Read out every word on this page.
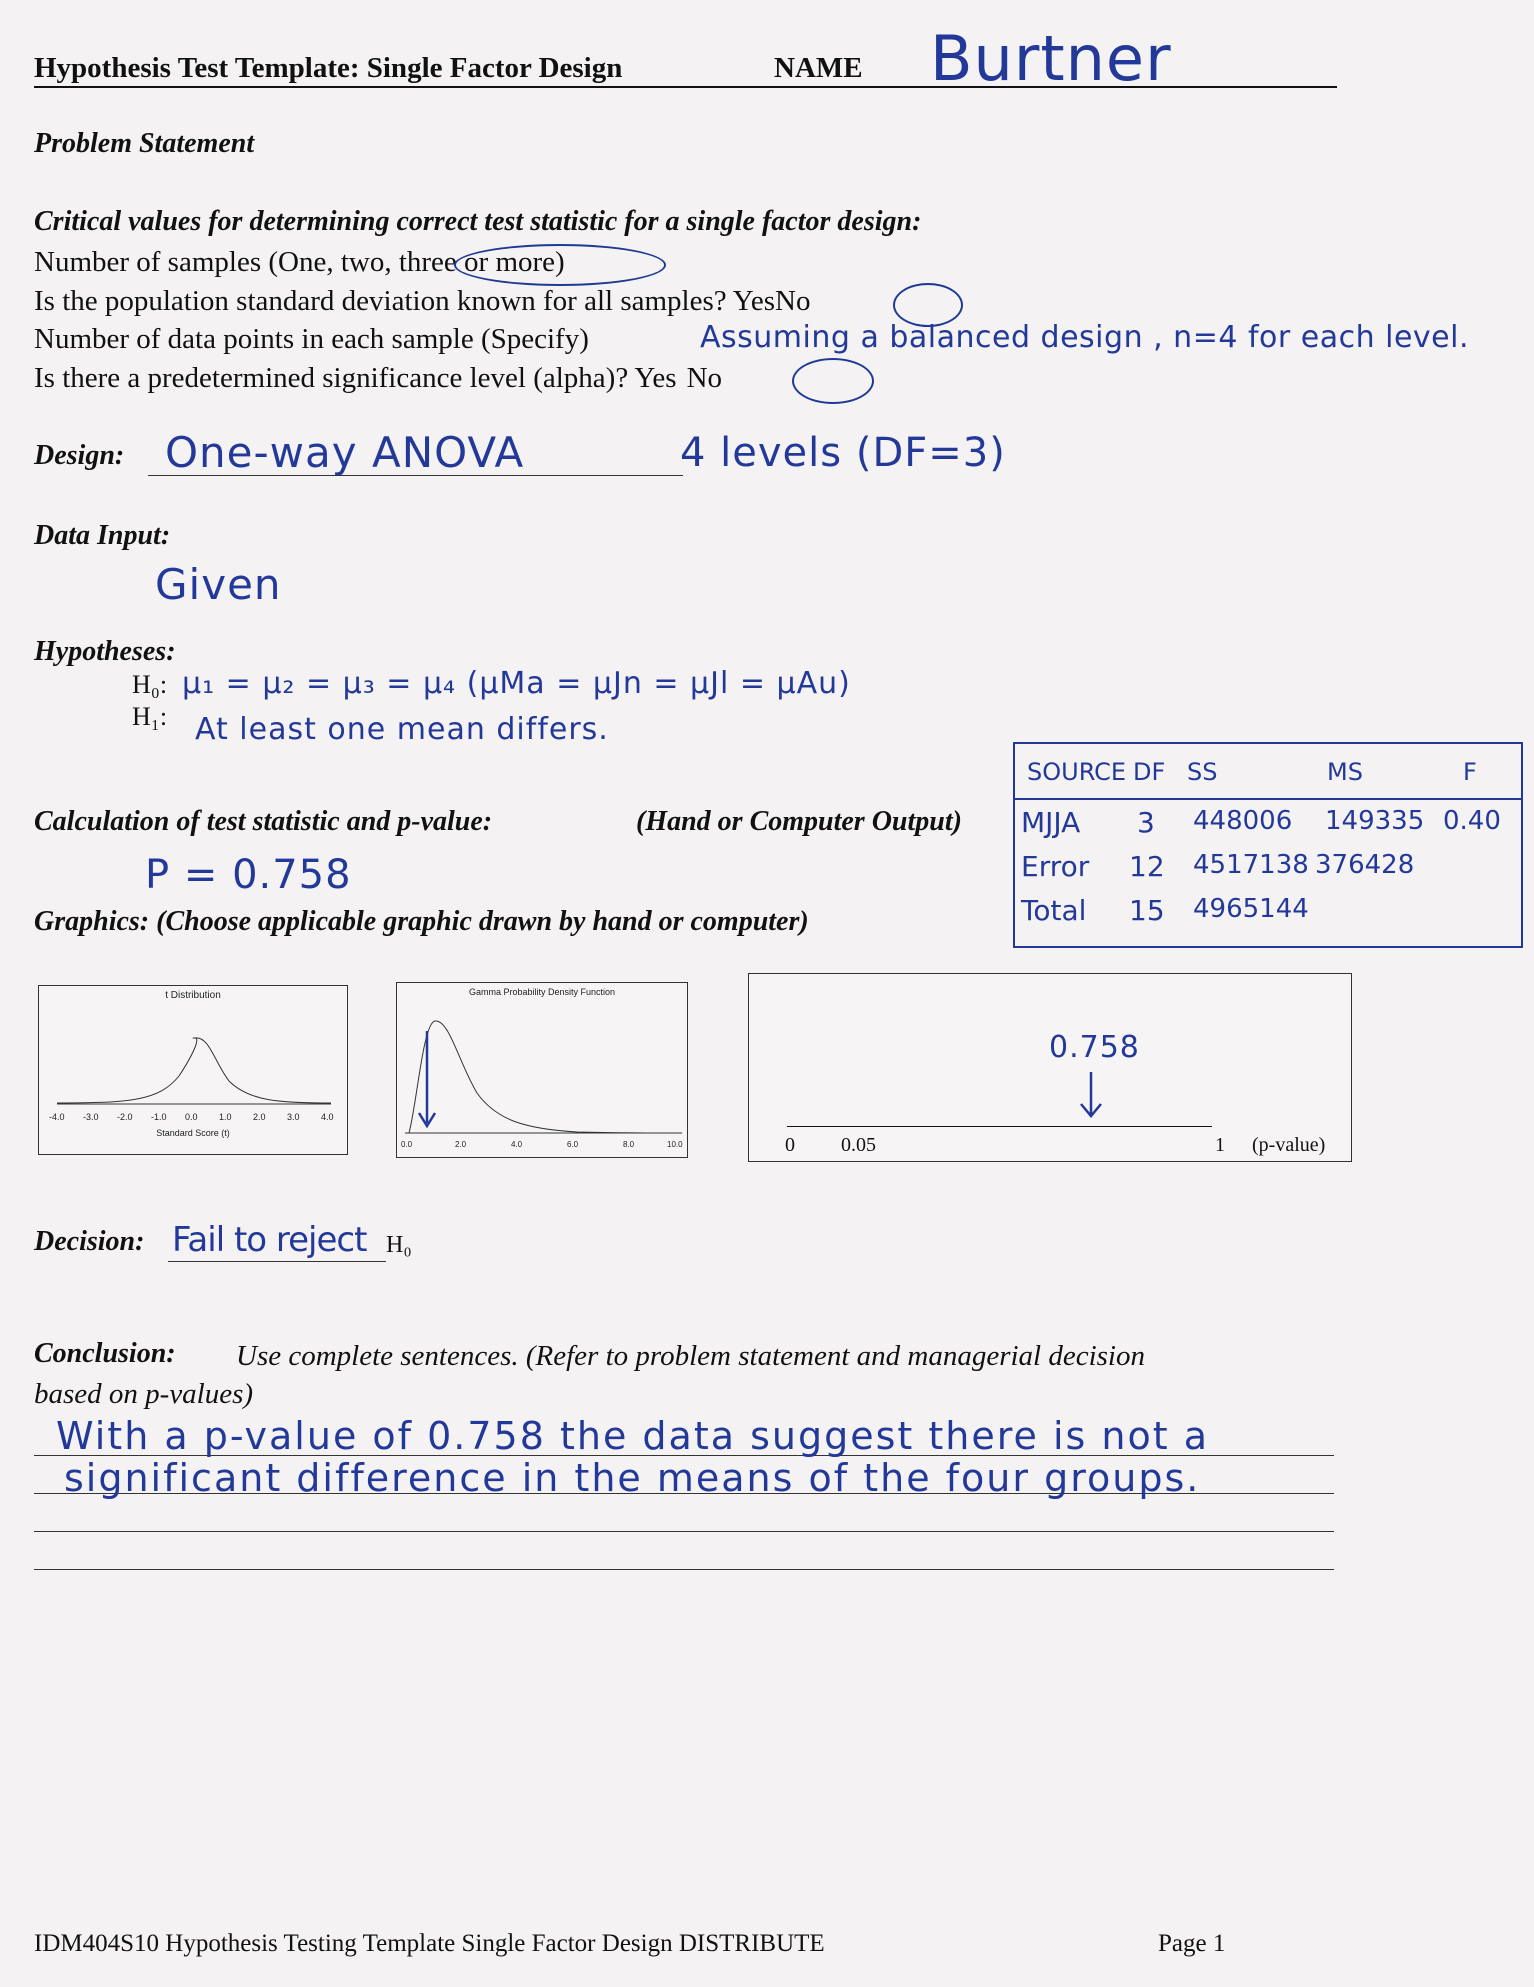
Hypothesis Test Template: Single Factor Design	NAME Burtner
Problem Statement
Critical values for determining correct test statistic for a single factor design:
Number of samples (One, two, three or more)
Is the population standard deviation known for all samples? YesNo
Number of data points in each sample (Specify)	Assuming a balanced design , n=4 for each level.
Is there a predetermined significance level (alpha)? Yes No
Design: One-way ANOVA	4 levels (DF=3)
Data Input:
Given
Hypotheses:
H₀: μ₁ = μ₂ = μ₃ = μ₄ (μMa = μJn = μJl = μAu)
H₁: At least one mean differs.
SOURCE DF SS	MS	F
MJJA 3 448006 149335 0.40
Error 12 4517138 376428
Total 15 4965144
Calculation of test statistic and p-value:	(Hand or Computer Output)
P = 0.758
Graphics: (Choose applicable graphic drawn by hand or computer)
t Distribution
-4.0 -3.0 -2.0 -1.0 0.0 1.0 2.0 3.0 4.0
Standard Score (t)
Gamma Probability Density Function
0.0	2.0	4.0	6.0	8.0	10.0
0.758
0 0.05	1 (p-value)
Decision: Fail to reject H₀
Conclusion: Use complete sentences. (Refer to problem statement and managerial decision
based on p-values)
With a p-value of 0.758 the data suggest there is not a
significant difference in the means of the four groups.
IDM404S10 Hypothesis Testing Template Single Factor Design DISTRIBUTE	Page 1
